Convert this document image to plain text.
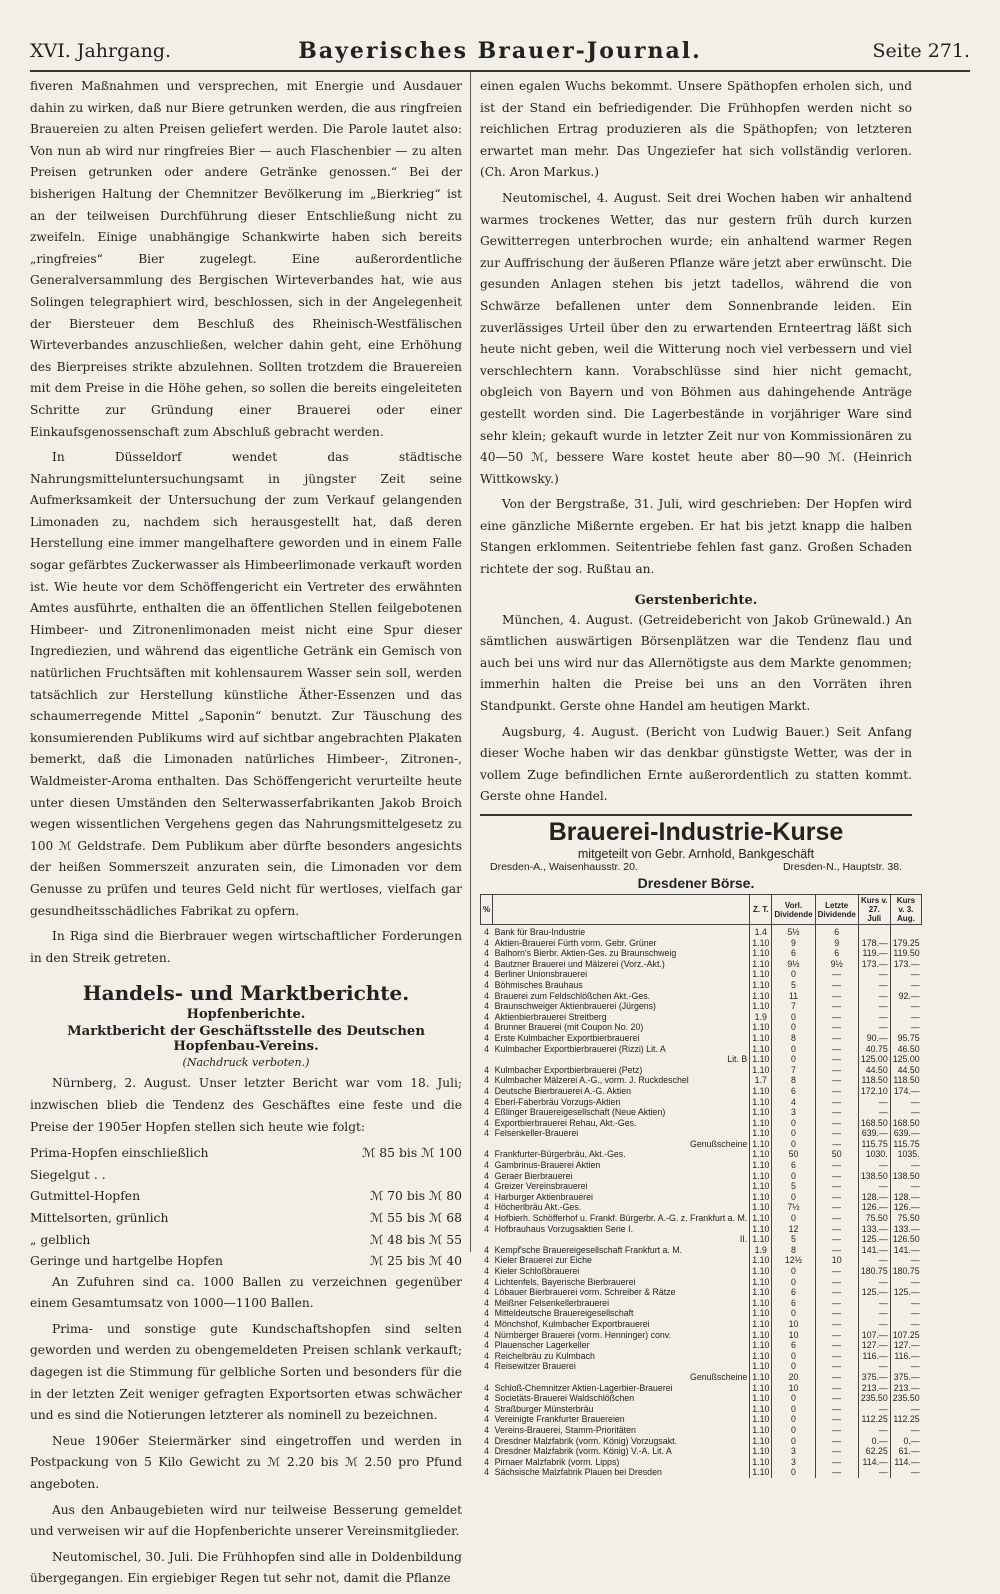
XVI. Jahrgang.	Bayerisches Brauer-Journal.	Seite 271.

fiveren Maßnahmen und versprechen, mit Energie und Ausdauer dahin zu wirken, daß nur Biere getrunken werden, die aus ringfreien Brauereien zu alten Preisen geliefert werden. Die Parole lautet also: Von nun ab wird nur ringfreies Bier — auch Flaschenbier — zu alten Preisen getrunken oder andere Getränke genossen.“ Bei der bisherigen Haltung der Chemnitzer Bevölkerung im „Bierkrieg“ ist an der teilweisen Durchführung dieser Entschließung nicht zu zweifeln. Einige unabhängige Schankwirte haben sich bereits „ringfreies“ Bier zugelegt. Eine außerordentliche Generalversammlung des Bergischen Wirteverbandes hat, wie aus Solingen telegraphiert wird, beschlossen, sich in der Angelegenheit der Biersteuer dem Beschluß des Rheinisch-Westfälischen Wirteverbandes anzuschließen, welcher dahin geht, eine Erhöhung des Bierpreises strikte abzulehnen. Sollten trotzdem die Brauereien mit dem Preise in die Höhe gehen, so sollen die bereits eingeleiteten Schritte zur Gründung einer Brauerei oder einer Einkaufsgenossenschaft zum Abschluß gebracht werden.

In Düsseldorf wendet das städtische Nahrungsmitteluntersuchungsamt in jüngster Zeit seine Aufmerksamkeit der Untersuchung der zum Verkauf gelangenden Limonaden zu, nachdem sich herausgestellt hat, daß deren Herstellung eine immer mangelhaftere geworden und in einem Falle sogar gefärbtes Zuckerwasser als Himbeerlimonade verkauft worden ist. Wie heute vor dem Schöffengericht ein Vertreter des erwähnten Amtes ausführte, enthalten die an öffentlichen Stellen feilgebotenen Himbeer- und Zitronenlimonaden meist nicht eine Spur dieser Ingrediezien, und während das eigentliche Getränk ein Gemisch von natürlichen Fruchtsäften mit kohlensaurem Wasser sein soll, werden tatsächlich zur Herstellung künstliche Äther-Essenzen und das schaumerregende Mittel „Saponin“ benutzt. Zur Täuschung des konsumierenden Publikums wird auf sichtbar angebrachten Plakaten bemerkt, daß die Limonaden natürliches Himbeer-, Zitronen-, Waldmeister-Aroma enthalten. Das Schöffengericht verurteilte heute unter diesen Umständen den Selterwasserfabrikanten Jakob Broich wegen wissentlichen Vergehens gegen das Nahrungsmittelgesetz zu 100 ℳ Geldstrafe. Dem Publikum aber dürfte besonders angesichts der heißen Sommerszeit anzuraten sein, die Limonaden vor dem Genusse zu prüfen und teures Geld nicht für wertloses, vielfach gar gesundheitsschädliches Fabrikat zu opfern.

In Riga sind die Bierbrauer wegen wirtschaftlicher Forderungen in den Streik getreten.

Handels- und Marktberichte.
Hopfenberichte.
Marktbericht der Geschäftsstelle des Deutschen Hopfenbau-Vereins.
(Nachdruck verboten.)

Nürnberg, 2. August. Unser letzter Bericht war vom 18. Juli; inzwischen blieb die Tendenz des Geschäftes eine feste und die Preise der 1905er Hopfen stellen sich heute wie folgt:

Prima-Hopfen einschließlich Siegelgut . .
ℳ 85 bis ℳ 100
Gutmittel-Hopfen	ℳ 70 bis ℳ 80
Mittelsorten, grünlich	ℳ 55 bis ℳ 68
„ gelblich	ℳ 48 bis ℳ 55
Geringe und hartgelbe Hopfen	ℳ 25 bis ℳ 40

An Zufuhren sind ca. 1000 Ballen zu verzeichnen gegenüber einem Gesamtumsatz von 1000—1100 Ballen.

Prima- und sonstige gute Kundschaftshopfen sind selten geworden und werden zu obengemeldeten Preisen schlank verkauft; dagegen ist die Stimmung für gelbliche Sorten und besonders für die in der letzten Zeit weniger gefragten Exportsorten etwas schwächer und es sind die Notierungen letzterer als nominell zu bezeichnen.

Neue 1906er Steiermärker sind eingetroffen und werden in Postpackung von 5 Kilo Gewicht zu ℳ 2.20 bis ℳ 2.50 pro Pfund angeboten.

Aus den Anbaugebieten wird nur teilweise Besserung gemeldet und verweisen wir auf die Hopfenberichte unserer Vereinsmitglieder.

Neutomischel, 30. Juli. Die Frühhopfen sind alle in Doldenbildung übergegangen. Ein ergiebiger Regen tut sehr not, damit die Pflanze

einen egalen Wuchs bekommt. Unsere Späthopfen erholen sich, und ist der Stand ein befriedigender. Die Frühhopfen werden nicht so reichlichen Ertrag produzieren als die Späthopfen; von letzteren erwartet man mehr. Das Ungeziefer hat sich vollständig verloren. (Ch. Aron Markus.)

Neutomischel, 4. August. Seit drei Wochen haben wir anhaltend warmes trockenes Wetter, das nur gestern früh durch kurzen Gewitterregen unterbrochen wurde; ein anhaltend warmer Regen zur Auffrischung der äußeren Pflanze wäre jetzt aber erwünscht. Die gesunden Anlagen stehen bis jetzt tadellos, während die von Schwärze befallenen unter dem Sonnenbrande leiden. Ein zuverlässiges Urteil über den zu erwartenden Ernteertrag läßt sich heute nicht geben, weil die Witterung noch viel verbessern und viel verschlechtern kann. Vorabschlüsse sind hier nicht gemacht, obgleich von Bayern und von Böhmen aus dahingehende Anträge gestellt worden sind. Die Lagerbestände in vorjähriger Ware sind sehr klein; gekauft wurde in letzter Zeit nur von Kommissionären zu 40—50 ℳ, bessere Ware kostet heute aber 80—90 ℳ. (Heinrich Wittkowsky.)

Von der Bergstraße, 31. Juli, wird geschrieben: Der Hopfen wird eine gänzliche Mißernte ergeben. Er hat bis jetzt knapp die halben Stangen erklommen. Seitentriebe fehlen fast ganz. Großen Schaden richtete der sog. Rußtau an.

Gerstenberichte.

München, 4. August. (Getreidebericht von Jakob Grünewald.) An sämtlichen auswärtigen Börsenplätzen war die Tendenz flau und auch bei uns wird nur das Allernötigste aus dem Markte genommen; immerhin halten die Preise bei uns an den Vorräten ihren Standpunkt. Gerste ohne Handel am heutigen Markt.

Augsburg, 4. August. (Bericht von Ludwig Bauer.) Seit Anfang dieser Woche haben wir das denkbar günstigste Wetter, was der in vollem Zuge befindlichen Ernte außerordentlich zu statten kommt. Gerste ohne Handel.

Brauerei-Industrie-Kurse
mitgeteilt von Gebr. Arnhold, Bankgeschäft
Dresden-A., Waisenhausstr. 20.	Dresden-N., Hauptstr. 38.
Dresdener Börse.
%		Z. T.	Vorl. Dividende	Letzte Dividende	Kurs v. 27. Juli	Kurs v. 3. Aug.
4	Bank für Brau-Industrie	1.4	5½	6		
4	Aktien-Brauerei Fürth vorm. Gebr. Grüner	1.10	9	9	178.—	179.25
4	Balhorn's Bierbr. Aktien-Ges. zu Braunschweig	1.10	6	6	119.—	119.50
4	Bautzner Brauerei und Mälzerei (Vorz.-Akt.)	1.10	9½	9½	173.—	173.—
4	Berliner Unionsbrauerei	1.10	0	—	—	—
4	Böhmisches Brauhaus	1.10	5	—	—	—
4	Brauerei zum Feldschlößchen Akt.-Ges.	1.10	11	—	—	92.—
4	Braunschweiger Aktienbrauerei (Jürgens)	1.10	7	—	—	—
4	Aktienbierbrauerei Streitberg	1.9	0	—	—	—
4	Brunner Brauerei (mit Coupon No. 20)	1.10	0	—	—	—
4	Erste Kulmbacher Exportbierbrauerei	1.10	8	—	90.—	95.75
4	Kulmbacher Exportbierbrauerei (Rizzi) Lit. A	1.10	0	—	40.75	46.50
	Lit. B	1.10	0	—	125.00	125.00
4	Kulmbacher Exportbierbrauerei (Petz)	1.10	7	—	44.50	44.50
4	Kulmbacher Mälzerei A.-G., vorm. J. Ruckdeschel	1.7	8	—	118.50	118.50
4	Deutsche Bierbrauerei A.-G. Aktien	1.10	6	—	172.10	174.—
4	Eberl-Faberbräu Vorzugs-Aktien	1.10	4	—	—	—
4	Eßlinger Brauereigesellschaft (Neue Aktien)	1.10	3	—	—	—
4	Exportbierbrauerei Rehau, Akt.-Ges.	1.10	0	—	168.50	168.50
4	Felsenkeller-Brauerei	1.10	0	—	639.—	639.—
	Genußscheine	1.10	0	—	115.75	115.75
4	Frankfurter-Bürgerbräu, Akt.-Ges.	1.10	50	50	1030.	1035.
4	Gambrinus-Brauerei Aktien	1.10	6	—	—	—
4	Geraer Bierbrauerei	1.10	0	—	138.50	138.50
4	Greizer Vereinsbrauerei	1.10	5	—	—	—
4	Harburger Aktienbrauerei	1.10	0	—	128.—	128.—
4	Höcherlbräu Akt.-Ges.	1.10	7½	—	126.—	126.—
4	Hofbierh. Schöfferhof u. Frankf. Bürgerbr. A.-G. z. Frankfurt a. M.	1.10	0	—	75.50	75.50
4	Hofbrauhaus Vorzugsaktien Serie I.	1.10	12	—	133.—	133.—
	II.	1.10	5	—	125.—	126.50
4	Kempf'sche Brauereigesellschaft Frankfurt a. M.	1.9	8	—	141.—	141.—
4	Kieler Brauerei zur Eiche	1.10	12½	10	—	—
4	Kieler Schloßbrauerei	1.10	0	—	180.75	180.75
4	Lichtenfels, Bayerische Bierbrauerei	1.10	0	—	—	—
4	Löbauer Bierbrauerei vorm. Schreiber & Rätze	1.10	6	—	125.—	125.—
4	Meißner Felsenkellerbrauerei	1.10	6	—	—	—
4	Mitteldeutsche Brauereigesellschaft	1.10	0	—	—	—
4	Mönchshof, Kulmbacher Exportbrauerei	1.10	10	—	—	—
4	Nürnberger Brauerei (vorm. Henninger) conv.	1.10	10	—	107.—	107.25
4	Plauenscher Lagerkeller	1.10	6	—	127.—	127.—
4	Reichelbräu zu Kulmbach	1.10	0	—	116.—	116.—
4	Reisewitzer Brauerei	1.10	0	—	—	—
	Genußscheine	1.10	20	—	375.—	375.—
4	Schloß-Chemnitzer Aktien-Lagerbier-Brauerei	1.10	10	—	213.—	213.—
4	Societäts-Brauerei Waldschlößchen	1.10	0	—	235.50	235.50
4	Straßburger Münsterbräu	1.10	0	—	—	—
4	Vereinigte Frankfurter Brauereien	1.10	0	—	112.25	112.25
4	Vereins-Brauerei, Stamm-Prioritäten	1.10	0	—	—	—
4	Dresdner Malzfabrik (vorm. König) Vorzugsakt.	1.10	0	—	0.—	0.—
4	Dresdner Malzfabrik (vorm. König) V.-A. Lit. A	1.10	3	—	62.25	61.—
4	Pirnaer Malzfabrik (vorm. Lipps)	1.10	3	—	114.—	114.—
4	Sächsische Malzfabrik Plauen bei Dresden	1.10	0	—	—	—
